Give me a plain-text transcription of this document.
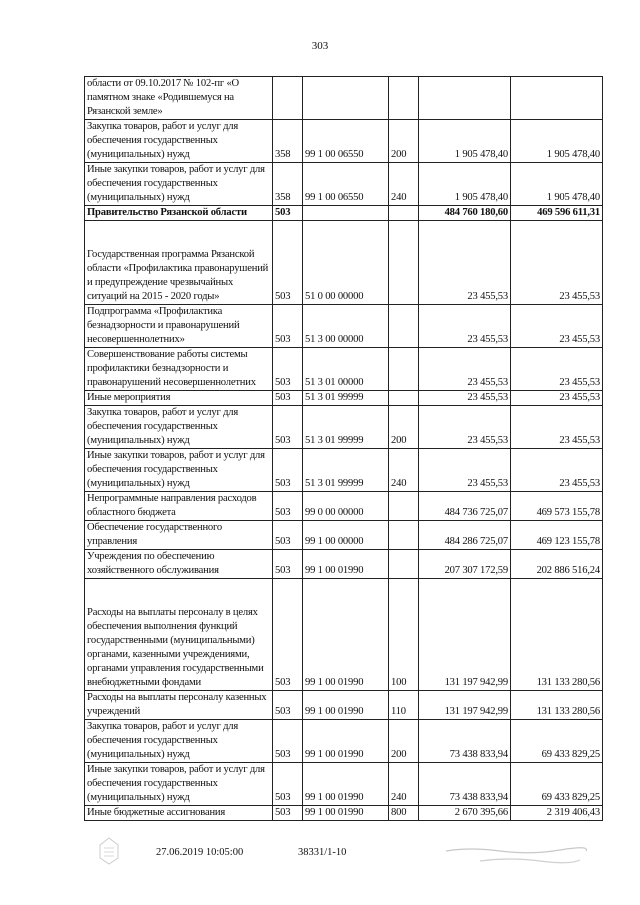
303
области от 09.10.2017 № 102-пг «О памятном знаке «Родившемуся на Рязанской земле»					
Закупка товаров, работ и услуг для обеспечения государственных (муниципальных) нужд	358	99 1 00 06550	200	1 905 478,40	1 905 478,40
Иные закупки товаров, работ и услуг для обеспечения государственных (муниципальных) нужд	358	99 1 00 06550	240	1 905 478,40	1 905 478,40
Правительство Рязанской области	503			484 760 180,60	469 596 611,31
Государственная программа Рязанской области «Профилактика правонарушений и предупреждение чрезвычайных ситуаций на 2015 - 2020 годы»	503	51 0 00 00000		23 455,53	23 455,53
Подпрограмма «Профилактика безнадзорности и правонарушений несовершеннолетних»	503	51 3 00 00000		23 455,53	23 455,53
Совершенствование работы системы профилактики безнадзорности и правонарушений несовершеннолетних	503	51 3 01 00000		23 455,53	23 455,53
Иные мероприятия	503	51 3 01 99999		23 455,53	23 455,53
Закупка товаров, работ и услуг для обеспечения государственных (муниципальных) нужд	503	51 3 01 99999	200	23 455,53	23 455,53
Иные закупки товаров, работ и услуг для обеспечения государственных (муниципальных) нужд	503	51 3 01 99999	240	23 455,53	23 455,53
Непрограммные направления расходов областного бюджета	503	99 0 00 00000		484 736 725,07	469 573 155,78
Обеспечение государственного управления	503	99 1 00 00000		484 286 725,07	469 123 155,78
Учреждения по обеспечению хозяйственного обслуживания	503	99 1 00 01990		207 307 172,59	202 886 516,24
Расходы на выплаты персоналу в целях обеспечения выполнения функций государственными (муниципальными) органами, казенными учреждениями, органами управления государственными внебюджетными фондами	503	99 1 00 01990	100	131 197 942,99	131 133 280,56
Расходы на выплаты персоналу казенных учреждений	503	99 1 00 01990	110	131 197 942,99	131 133 280,56
Закупка товаров, работ и услуг для обеспечения государственных (муниципальных) нужд	503	99 1 00 01990	200	73 438 833,94	69 433 829,25
Иные закупки товаров, работ и услуг для обеспечения государственных (муниципальных) нужд	503	99 1 00 01990	240	73 438 833,94	69 433 829,25
Иные бюджетные ассигнования	503	99 1 00 01990	800	2 670 395,66	2 319 406,43
27.06.2019 10:05:00	38331/1-10
